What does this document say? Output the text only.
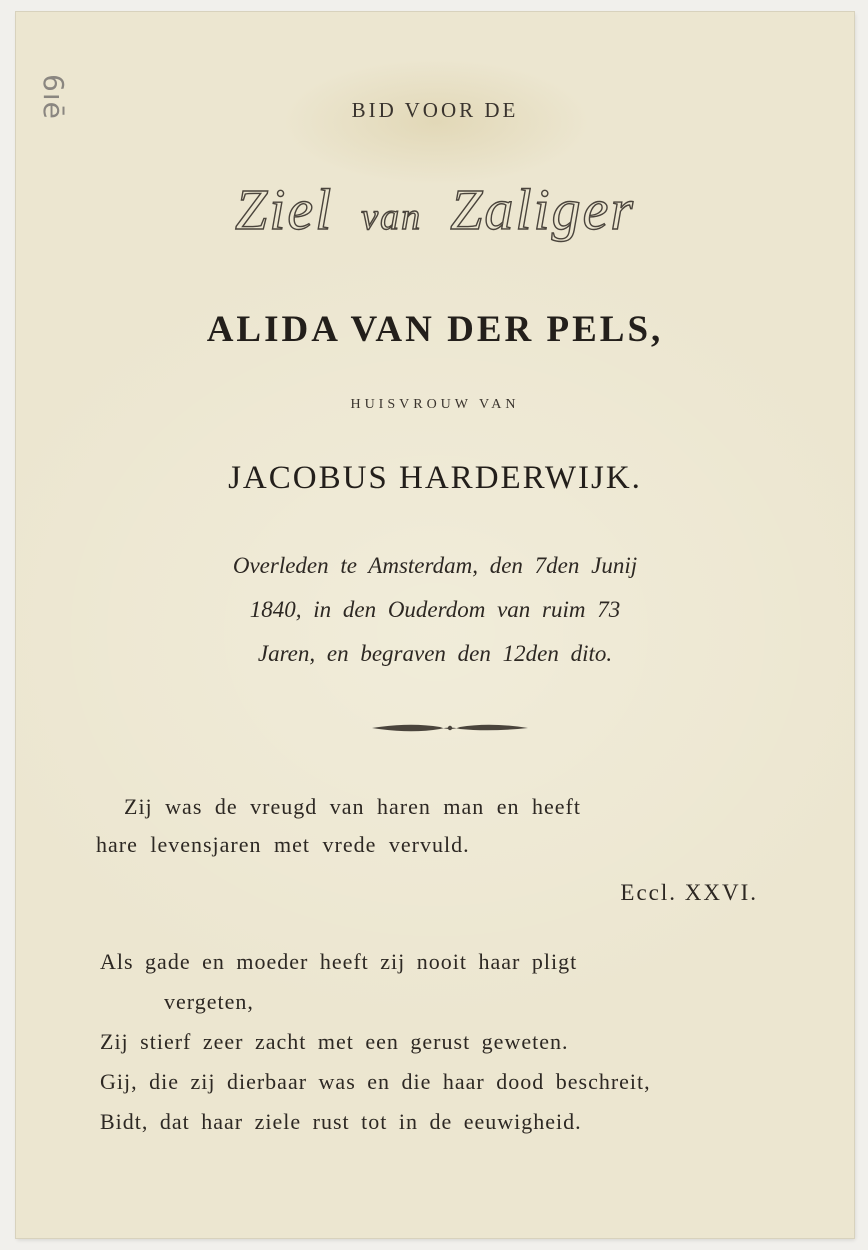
6ıē	BID VOOR DE
Ziel van Zaliger
ALIDA VAN DER PELS,
HUISVROUW VAN
JACOBUS HARDERWIJK.
Overleden te Amsterdam, den 7den Junij
1840, in den Ouderdom van ruim 73
Jaren, en begraven den 12den dito.
Zij was de vreugd van haren man en heeft
hare levensjaren met vrede vervuld.
Eccl. XXVI.
Als gade en moeder heeft zij nooit haar pligt
vergeten,
Zij stierf zeer zacht met een gerust geweten.
Gij, die zij dierbaar was en die haar dood beschreit,
Bidt, dat haar ziele rust tot in de eeuwigheid.
